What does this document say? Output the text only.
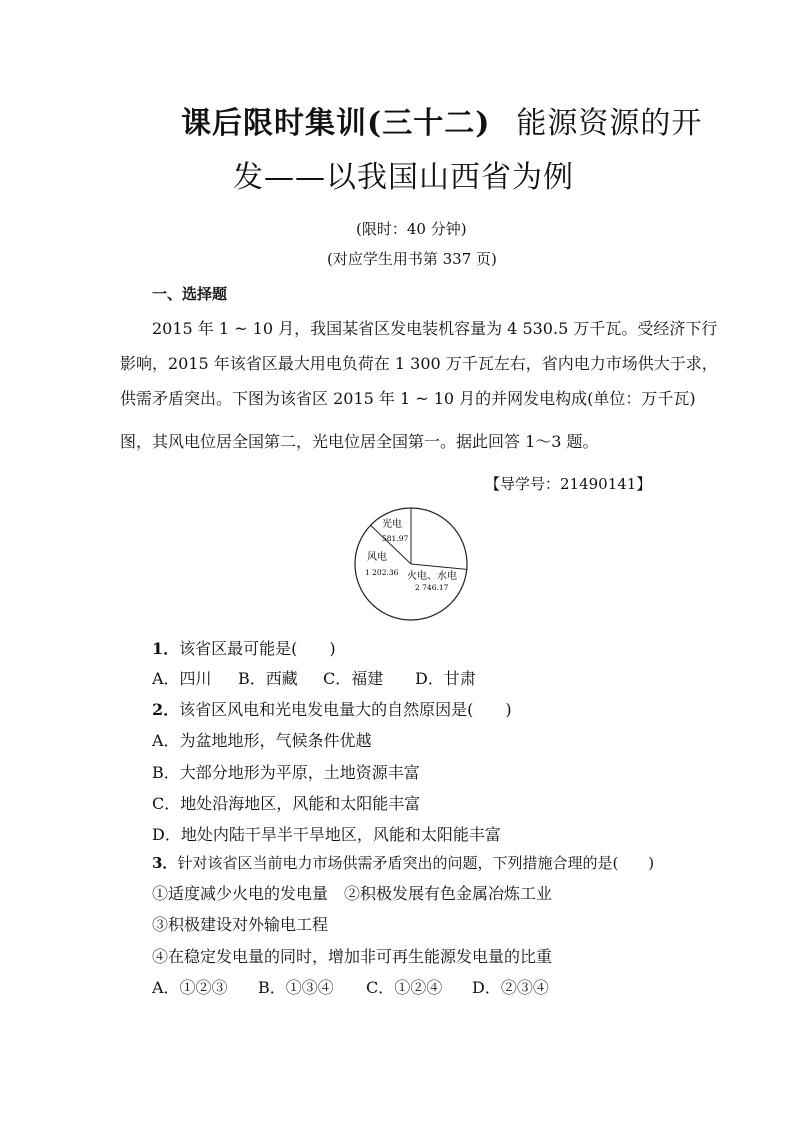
课后限时集训(三十二) 能源资源的开
发——以我国山西省为例
(限时：40 分钟)
(对应学生用书第 337 页)
一、选择题
2015 年 1 ~ 10 月，我国某省区发电装机容量为 4 530.5 万千瓦。受经济下行
影响，2015 年该省区最大用电负荷在 1 300 万千瓦左右，省内电力市场供大于求，
供需矛盾突出。下图为该省区 2015 年 1 ~ 10 月的并网发电构成(单位：万千瓦)
图，其风电位居全国第二，光电位居全国第一。据此回答 1～3 题。
【导学号：21490141】
光电
581.97
风电
1 202.36 火电、水电
2 746.17
1．该省区最可能是(　　)
A．四川 B．西藏 C．福建 D．甘肃
2．该省区风电和光电发电量大的自然原因是(　　)
A．为盆地地形，气候条件优越
B．大部分地形为平原，土地资源丰富
C．地处沿海地区，风能和太阳能丰富
D．地处内陆干旱半干旱地区，风能和太阳能丰富
3．针对该省区当前电力市场供需矛盾突出的问题，下列措施合理的是(　　)
①适度减少火电的发电量　②积极发展有色金属冶炼工业
③积极建设对外输电工程
④在稳定发电量的同时，增加非可再生能源发电量的比重
A．①②③ B．①③④ C．①②④ D．②③④
